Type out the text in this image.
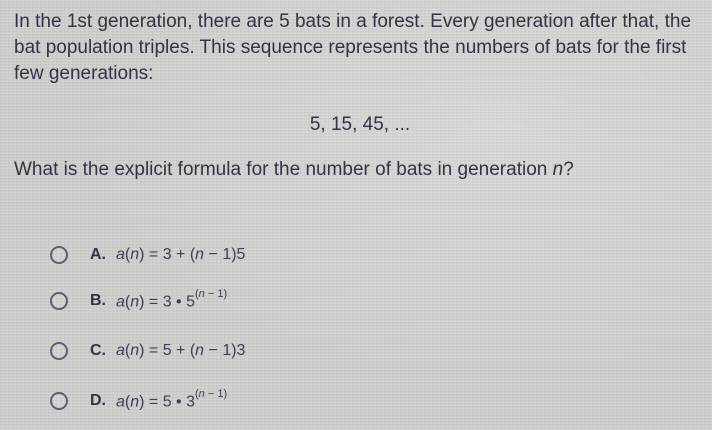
In the 1st generation, there are 5 bats in a forest. Every generation after that, the bat population triples. This sequence represents the numbers of bats for the first few generations:

5, 15, 45, ...
What is the explicit formula for the number of bats in generation n?
A. a(n) = 3 + (n − 1)5
B. a(n) = 3 • $5^{(n - 1)}$
C. a(n) = 5 + (n − 1)3
D. a(n) = 5 • $3^{(n - 1)}$
